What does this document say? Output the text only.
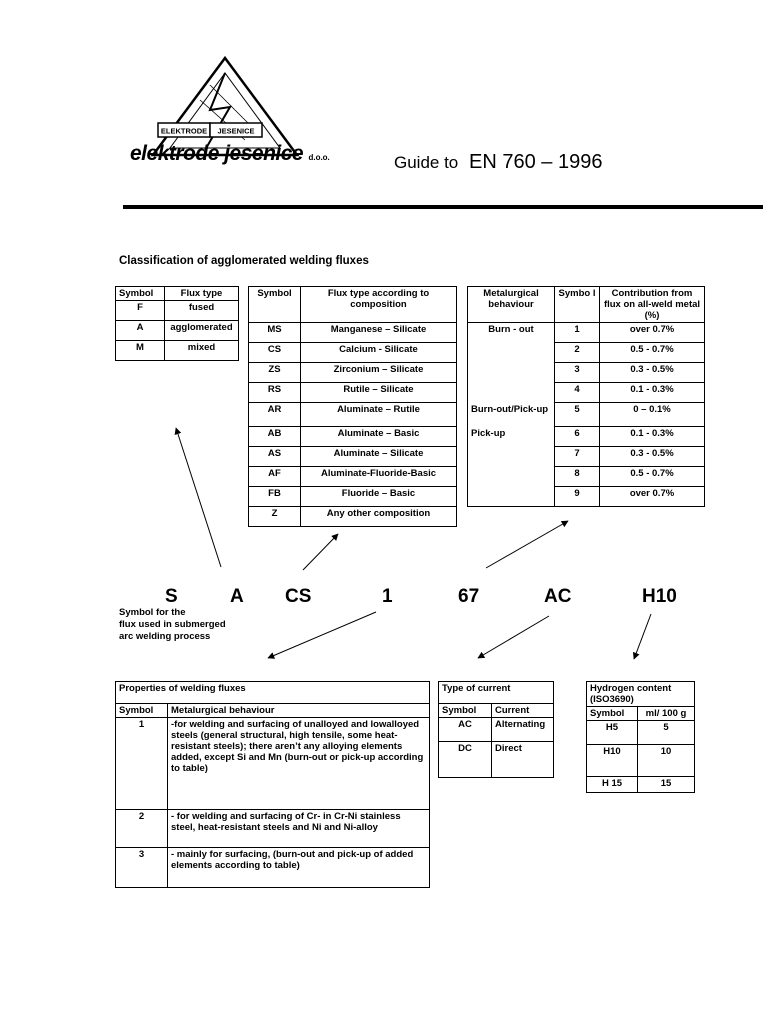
ELEKTRODE JESENICE
elektrode jesenice d.o.o.	Guide to EN 760 – 1996
Classification of agglomerated welding fluxes
Symbol	Flux type
F	fused
A	agglomerated
M	mixed
Symbol	Flux type according to composition
MS	Manganese – Silicate
CS	Calcium - Silicate
ZS	Zirconium – Silicate
RS	Rutile – Silicate
AR	Aluminate – Rutile
AB	Aluminate – Basic
AS	Aluminate – Silicate
AF	Aluminate-Fluoride-Basic
FB	Fluoride – Basic
Z	Any other composition
Metalurgical behaviour	Symbo l	Contribution from flux on all-weld metal (%)
Burn - out	1	over 0.7%
	2	0.5 - 0.7%
	3	0.3 - 0.5%
	4	0.1 - 0.3%
Burn-out/Pick-up	5	0 – 0.1%
Pick-up	6	0.1 - 0.3%
	7	0.3 - 0.5%
	8	0.5 - 0.7%
	9	over 0.7%
S	A CS	1	67	AC	H10
Symbol for the
flux used in submerged
arc welding process
Properties of welding fluxes	
Symbol	Metalurgical behaviour
1	-for welding and surfacing of unalloyed and lowalloyed steels (general structural, high tensile, some heat-resistant steels); there aren’t any alloying elements added, except Si and Mn (burn-out or pick-up according to table)
2	- for welding and surfacing of Cr- in Cr-Ni stainless steel, heat-resistant steels and Ni and Ni-alloy
3	- mainly for surfacing, (burn-out and pick-up of added elements according to table)
Type of current	
Symbol	Current
AC	Alternating
DC	Direct
Hydrogen content (ISO3690)	
Symbol	ml/ 100 g
H5	5
H10	10
H 15	15
